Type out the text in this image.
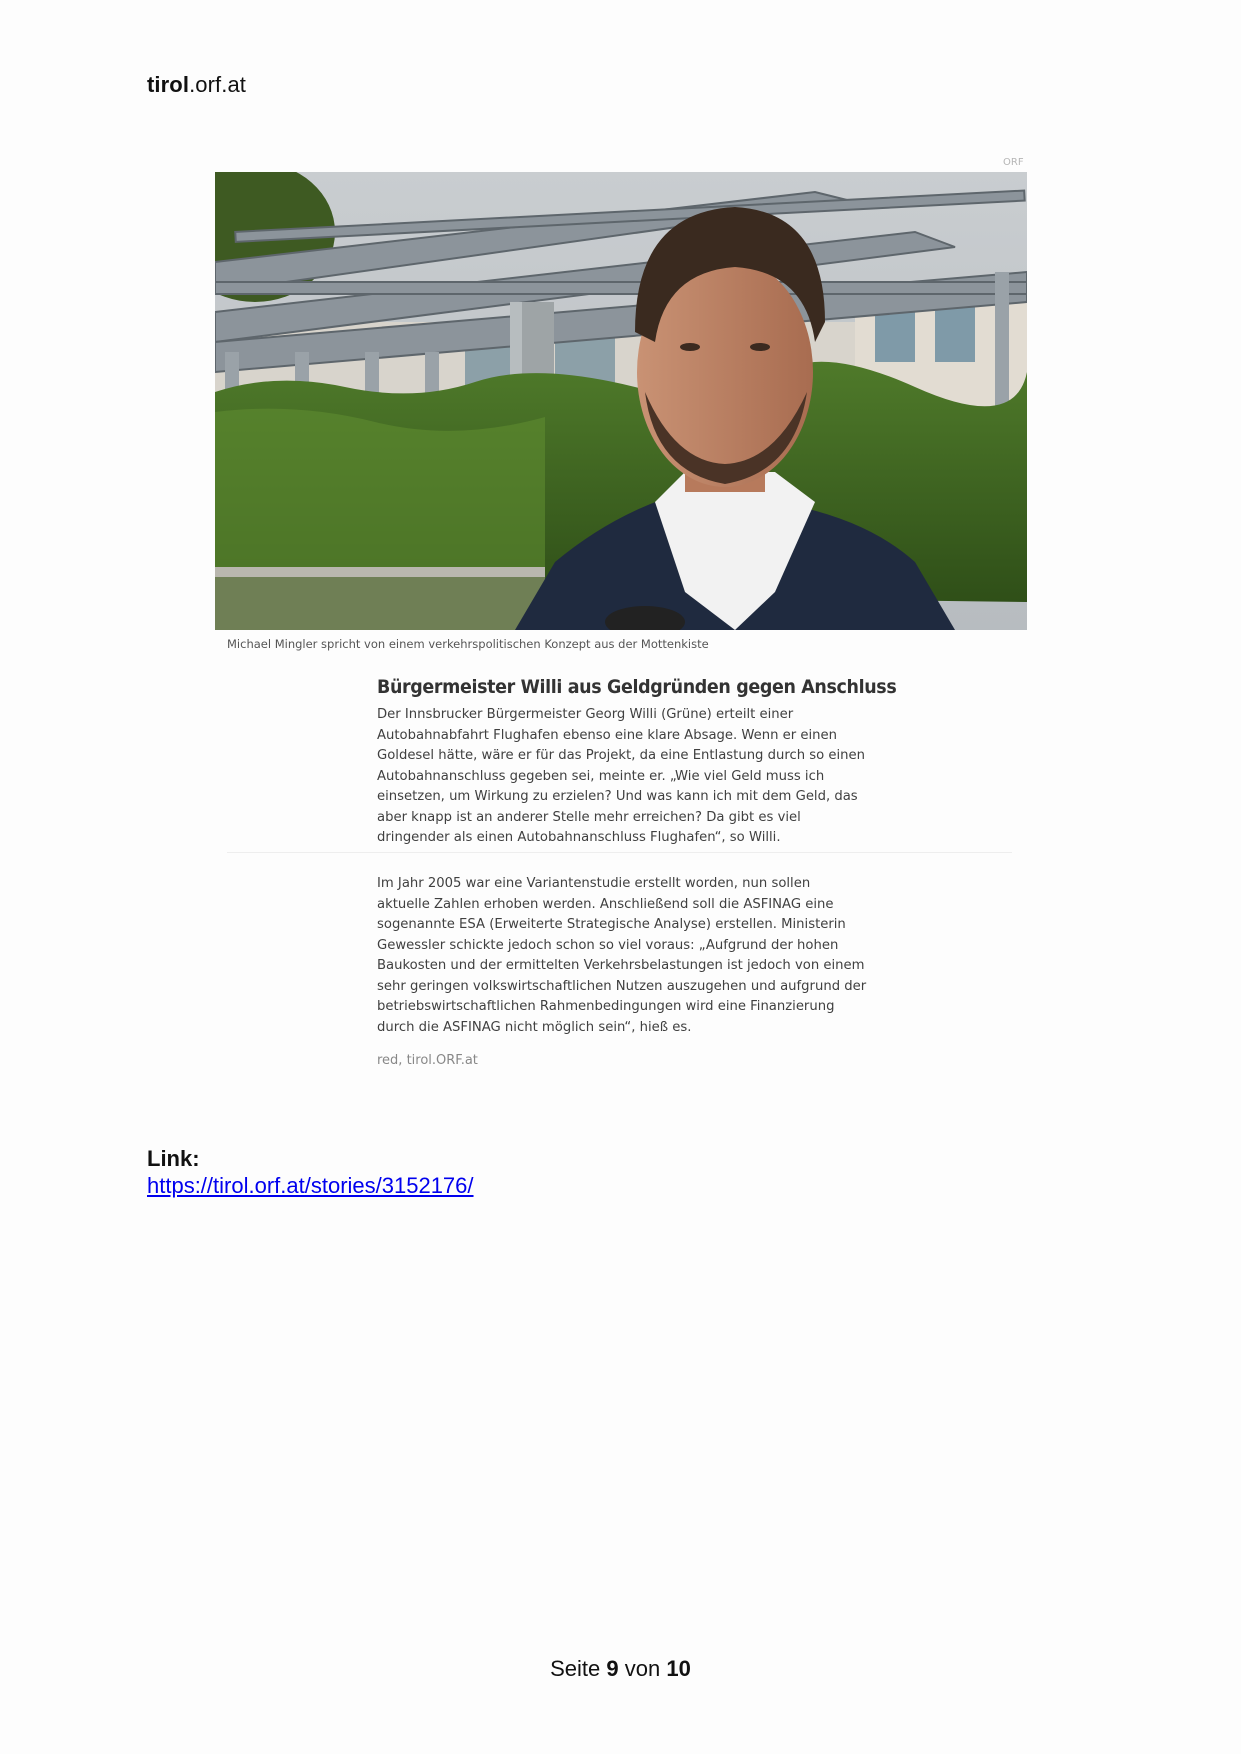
tirol.orf.at
ORF
Michael Mingler spricht von einem verkehrspolitischen Konzept aus der Mottenkiste
Bürgermeister Willi aus Geldgründen gegen Anschluss
Der Innsbrucker Bürgermeister Georg Willi (Grüne) erteilt einer Autobahnabfahrt Flughafen ebenso eine klare Absage. Wenn er einen Goldesel hätte, wäre er für das Projekt, da eine Entlastung durch so einen Autobahnanschluss gegeben sei, meinte er. „Wie viel Geld muss ich einsetzen, um Wirkung zu erzielen? Und was kann ich mit dem Geld, das aber knapp ist an anderer Stelle mehr erreichen? Da gibt es viel dringender als einen Autobahnanschluss Flughafen“, so Willi.
Im Jahr 2005 war eine Variantenstudie erstellt worden, nun sollen aktuelle Zahlen erhoben werden. Anschließend soll die ASFINAG eine sogenannte ESA (Erweiterte Strategische Analyse) erstellen. Ministerin Gewessler schickte jedoch schon so viel voraus: „Aufgrund der hohen Baukosten und der ermittelten Verkehrsbelastungen ist jedoch von einem sehr geringen volkswirtschaftlichen Nutzen auszugehen und aufgrund der betriebswirtschaftlichen Rahmenbedingungen wird eine Finanzierung durch die ASFINAG nicht möglich sein“, hieß es.
red, tirol.ORF.at
Link:
https://tirol.orf.at/stories/3152176/
Seite 9 von 10
